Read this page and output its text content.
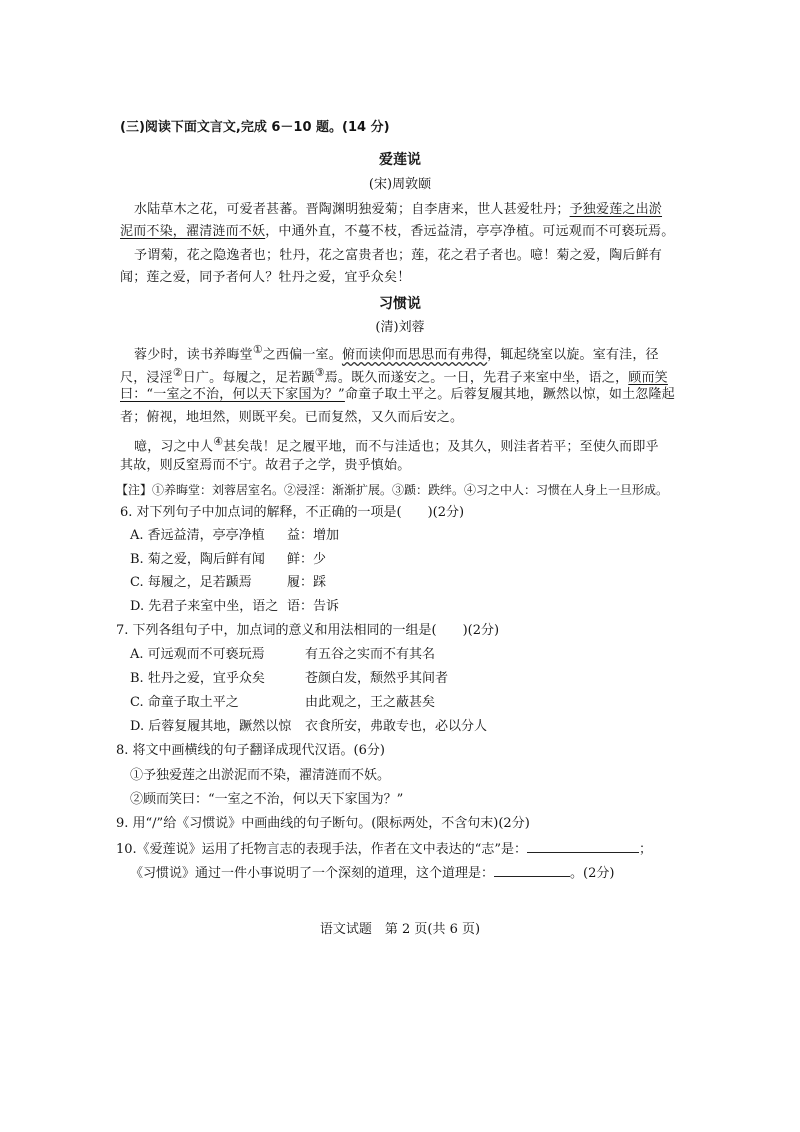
(三)阅读下面文言文,完成 6－10 题。(14 分)
爱莲说
(宋)周敦颐
水陆草木之花，可爱者甚蕃。晋陶渊明独爱菊；自李唐来，世人甚爱牡丹；予独爱莲之出淤
泥而不染，濯清涟而不妖，中通外直，不蔓不枝，香远益清，亭亭净植。可远观而不可亵玩焉。
予谓菊，花之隐逸者也；牡丹，花之富贵者也；莲，花之君子者也。噫！菊之爱，陶后鲜有
闻；莲之爱，同予者何人？牡丹之爱，宜乎众矣！
习惯说
(清)刘蓉
蓉少时，读书养晦堂①之西偏一室。俯而读仰而思思而有弗得，辄起绕室以旋。室有洼，径
尺，浸淫②日广。每履之，足若踬③焉。既久而遂安之。一日，先君子来室中坐，语之，顾而笑
曰：“一室之不治，何以天下家国为？”命童子取土平之。后蓉复履其地，蹶然以惊，如土忽隆起
者；俯视，地坦然，则既平矣。已而复然，又久而后安之。
噫，习之中人④甚矣哉！足之履平地，而不与洼适也；及其久，则洼者若平；至使久而即乎
其故，则反窒焉而不宁。故君子之学，贵乎慎始。
【注】①养晦堂：刘蓉居室名。②浸淫：渐渐扩展。③踬：跌绊。④习之中人：习惯在人身上一旦形成。
6. 对下列句子中加点词的解释，不正确的一项是(　　)(2分)
A. 香远益清，亭亭净植 益：增加
B. 菊之爱，陶后鲜有闻 鲜：少
C. 每履之，足若踬焉	履：踩
D. 先君子来室中坐，语之 语：告诉
7. 下列各组句子中，加点词的意义和用法相同的一组是(　　)(2分)
A. 可远观而不可亵玩焉	有五谷之实而不有其名
B. 牡丹之爱，宜乎众矣	苍颜白发，颓然乎其间者
C. 命童子取土平之	由此观之，王之蔽甚矣
D. 后蓉复履其地，蹶然以惊 衣食所安，弗敢专也，必以分人
8. 将文中画横线的句子翻译成现代汉语。(6分)
①予独爱莲之出淤泥而不染，濯清涟而不妖。
②顾而笑曰：“一室之不治，何以天下家国为？”
9. 用“/”给《习惯说》中画曲线的句子断句。(限标两处，不含句末)(2分)
10.《爱莲说》运用了托物言志的表现手法，作者在文中表达的“志”是：	；
《习惯说》通过一件小事说明了一个深刻的道理，这个道理是：	。(2分)
语文试题　第 2 页(共 6 页)
